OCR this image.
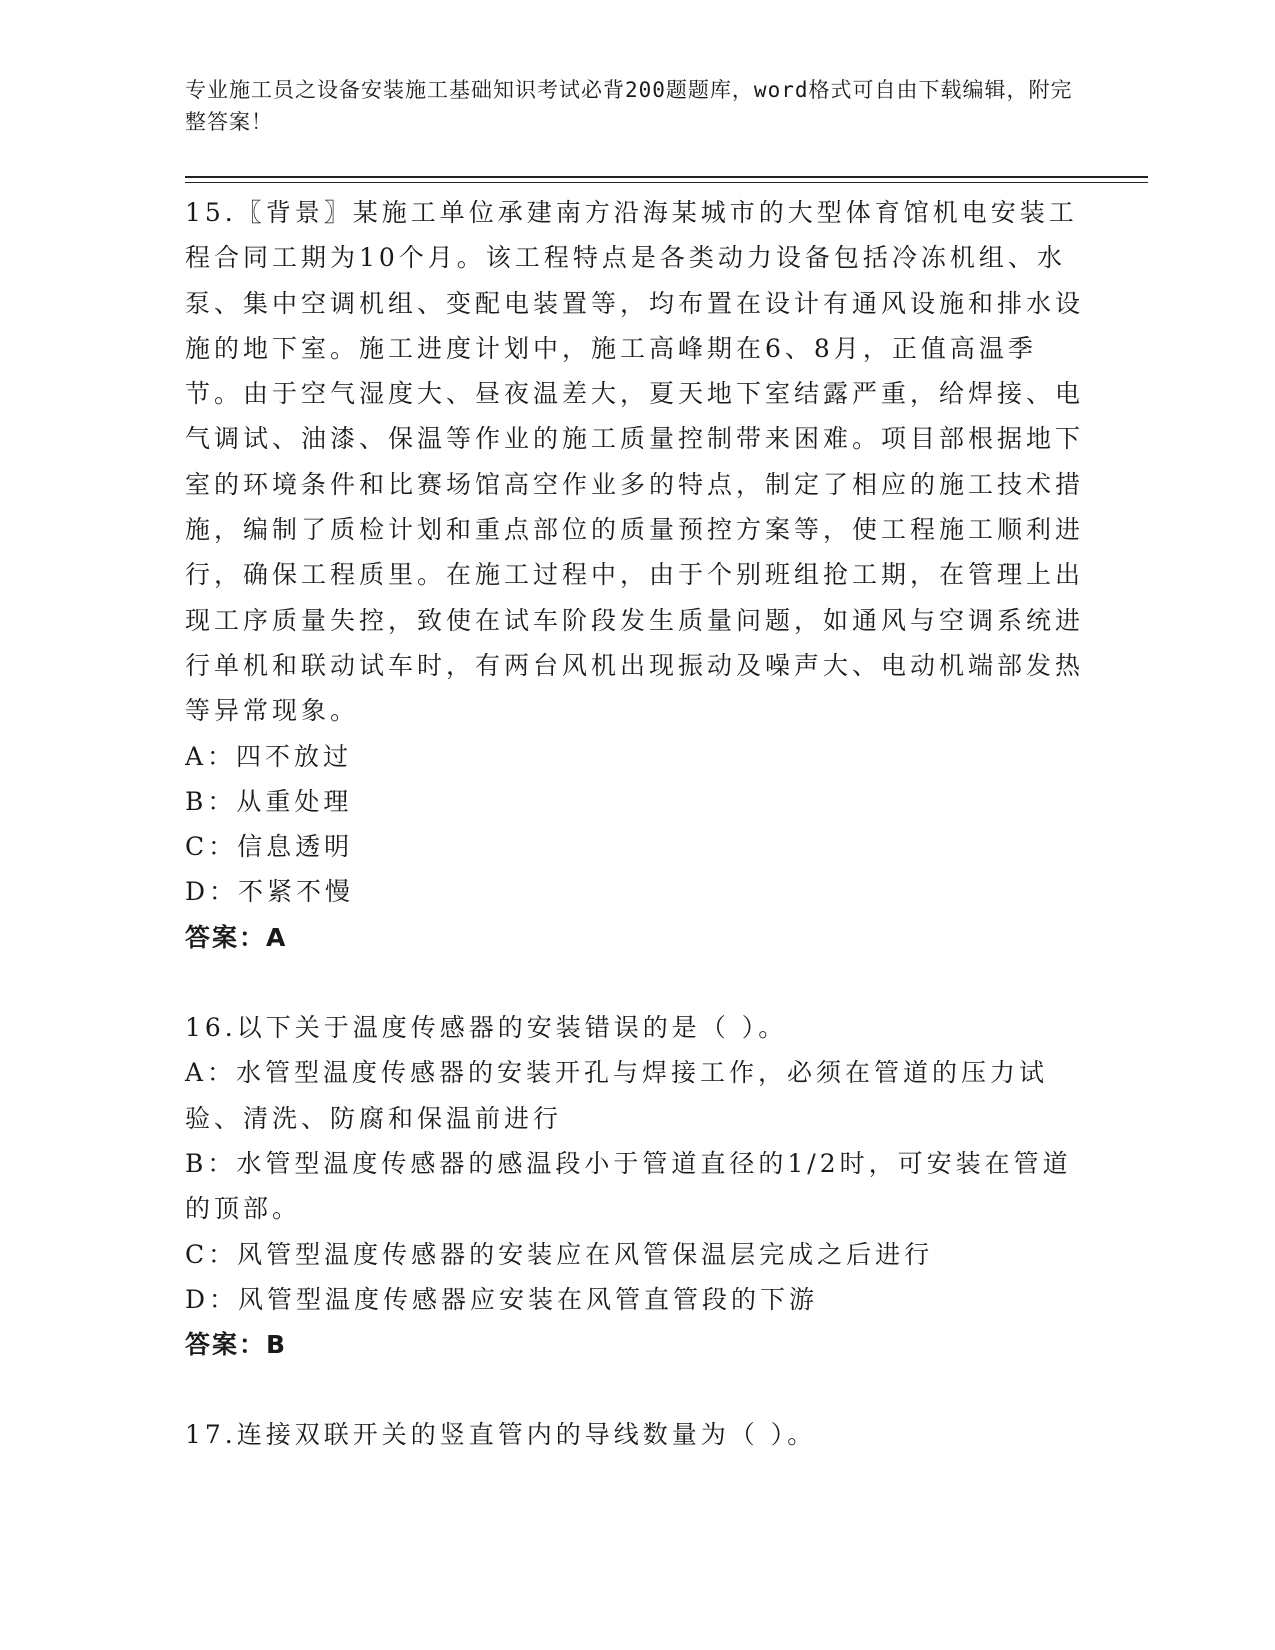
专业施工员之设备安装施工基础知识考试必背200题题库，word格式可自由下载编辑，附完整答案！

15.〖背景〗某施工单位承建南方沿海某城市的大型体育馆机电安装工程合同工期为10个月。该工程特点是各类动力设备包括冷冻机组、水泵、集中空调机组、变配电装置等，均布置在设计有通风设施和排水设施的地下室。施工进度计划中，施工高峰期在6、8月，正值高温季节。由于空气湿度大、昼夜温差大，夏天地下室结露严重，给焊接、电气调试、油漆、保温等作业的施工质量控制带来困难。项目部根据地下室的环境条件和比赛场馆高空作业多的特点，制定了相应的施工技术措施，编制了质检计划和重点部位的质量预控方案等，使工程施工顺利进行，确保工程质里。在施工过程中，由于个别班组抢工期，在管理上出现工序质量失控，致使在试车阶段发生质量问题，如通风与空调系统进行单机和联动试车时，有两台风机出现振动及噪声大、电动机端部发热等异常现象。

A：四不放过

B：从重处理

C：信息透明

D：不紧不慢

答案：A

16.以下关于温度传感器的安装错误的是（ ）。

A：水管型温度传感器的安装开孔与焊接工作，必须在管道的压力试验、清洗、防腐和保温前进行

B：水管型温度传感器的感温段小于管道直径的1/2时，可安装在管道的顶部。

C：风管型温度传感器的安装应在风管保温层完成之后进行

D：风管型温度传感器应安装在风管直管段的下游

答案：B

17.连接双联开关的竖直管内的导线数量为（ ）。
